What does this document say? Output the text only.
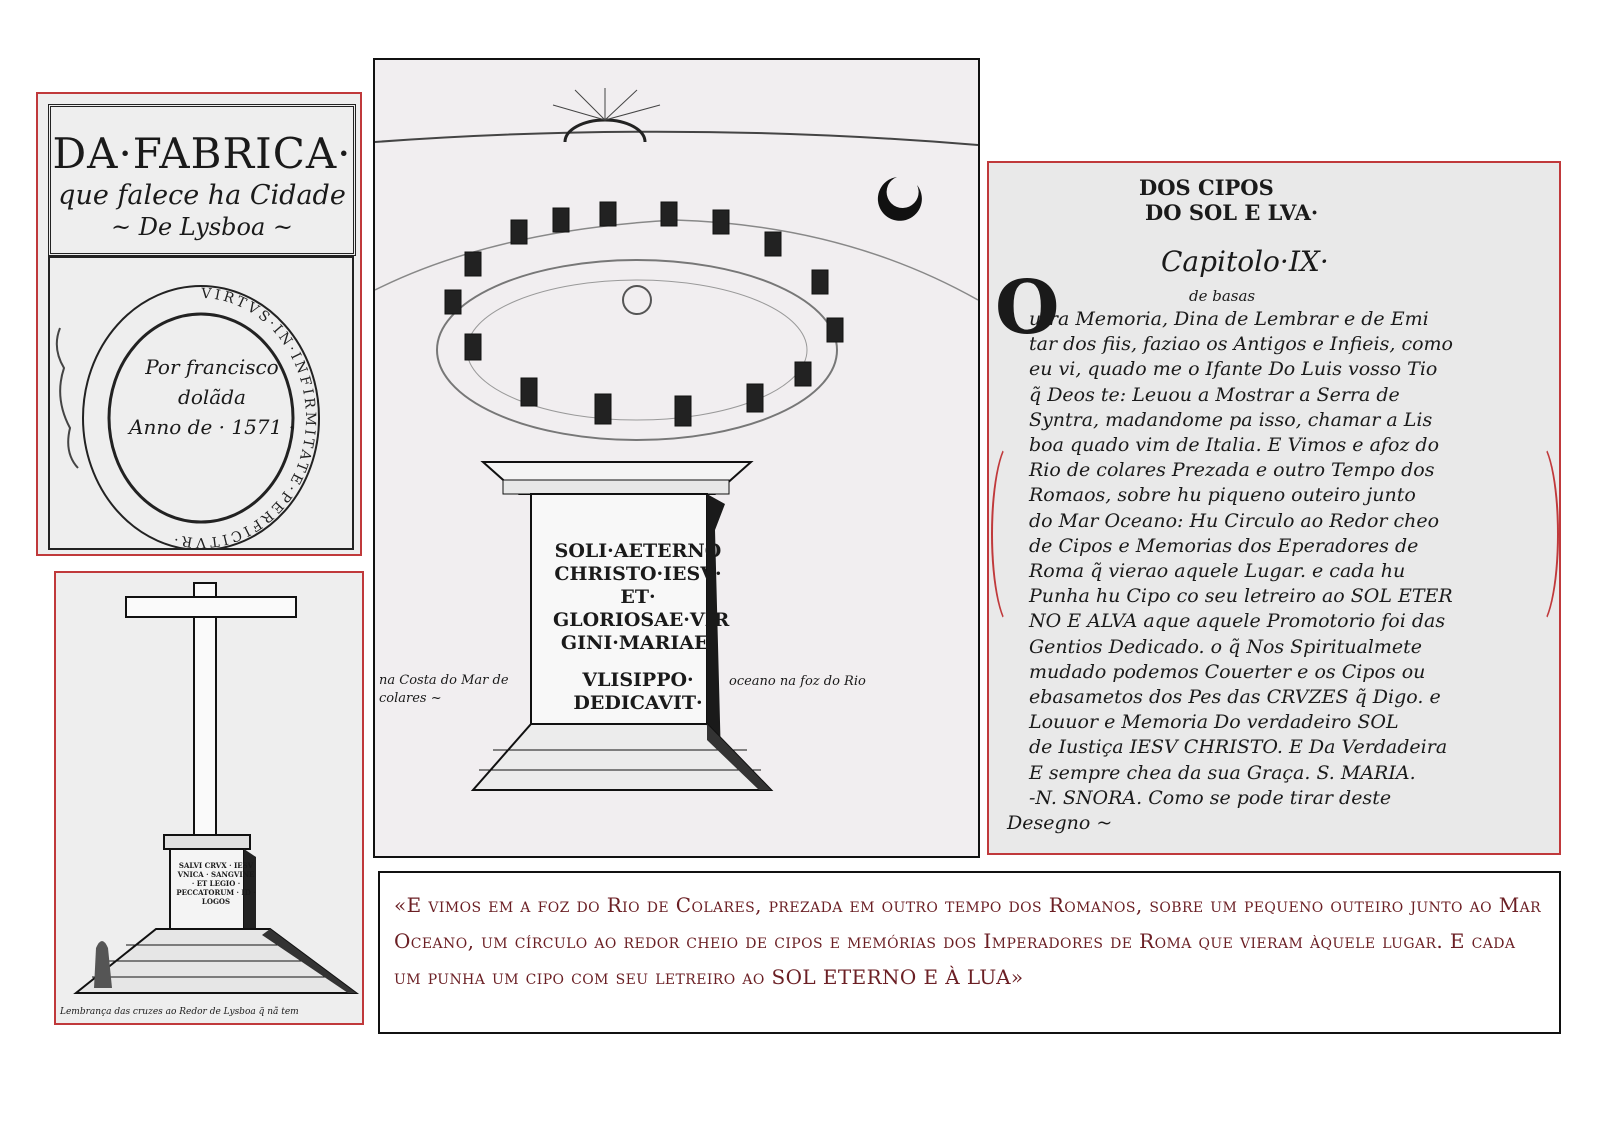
DA·FABRICA·
que falece ha Cidade
~ De Lysboa ~
VIRTVS·IN·INFIRMITATE·PERFICITVR·
Por francisco dolãda
Anno de · 1571 ·
SALVI CRVX · IESV VNICA · SANGVINE · ET LEGIO · PECCATORUM · ID · LOGOS
Lembrança das cruzes ao Redor de Lysboa q̃ nã tem
SOLI·AETERNO
CHRISTO·IESV·
ET·
GLORIOSAE·VIR
GINI·MARIAE·
VLISIPPO·
DEDICAVIT·
na Costa do Mar de colares ~
oceano na foz do Rio
DOS CIPOS
DO SOL E LVA·
Capitolo·IX·
O	de basas
utra Memoria, Dina de Lembrar e de Emi
tar dos fiis, faziao os Antigos e Infieis, como
eu vi, quado me o Ifante Do Luis vosso Tio
q̃ Deos te: Leuou a Mostrar a Serra de
Syntra, madandome pa isso, chamar a Lis
boa quado vim de Italia. E Vimos e afoz do
Rio de colares Prezada e outro Tempo dos
Romaos, sobre hu piqueno outeiro junto
do Mar Oceano: Hu Circulo ao Redor cheo
de Cipos e Memorias dos Eperadores de
Roma q̃ vierao aquele Lugar. e cada hu
Punha hu Cipo co seu letreiro ao SOL ETER
NO E ALVA aque aquele Promotorio foi das
Gentios Dedicado. o q̃ Nos Spiritualmete
mudado podemos Couerter e os Cipos ou
ebasametos dos Pes das CRVZES q̃ Digo. e
Louuor e Memoria Do verdadeiro SOL
de Iustiça IESV CHRISTO. E Da Verdadeira
E sempre chea da sua Graça. S. MARIA.
-N. SNORA. Como se pode tirar deste
Desegno ~
«E vimos em a foz do Rio de Colares, prezada em outro tempo dos Romanos, sobre um pequeno outeiro junto ao Mar Oceano, um círculo ao redor cheio de cipos e memórias dos Imperadores de Roma que vieram àquele lugar. E cada um punha um cipo com seu letreiro ao SOL ETERNO E À LUA»
